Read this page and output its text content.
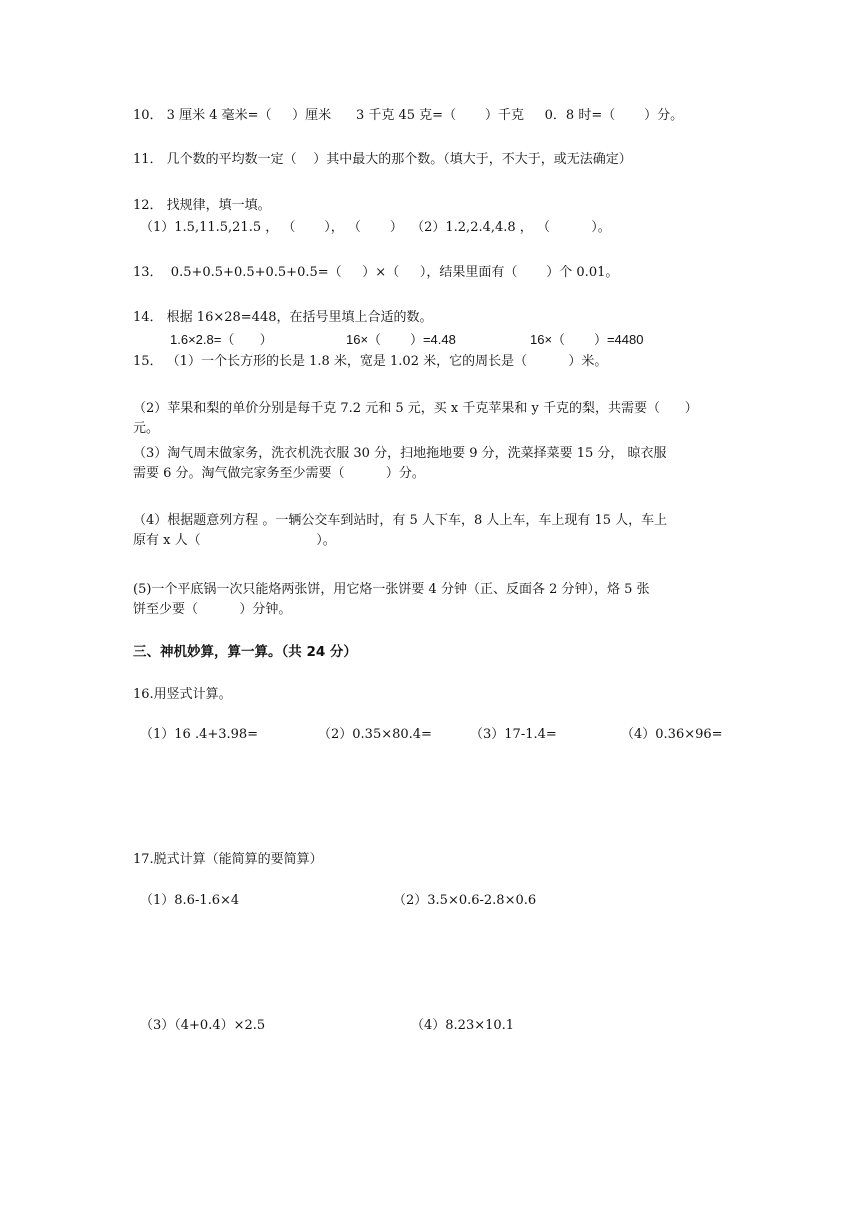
10． 3 厘米 4 毫米=（     ）厘米      3 千克 45 克=（       ）千克     0．8 时=（       ）分。
11． 几个数的平均数一定（    ）其中最大的那个数。（填大于，不大于，或无法确定）
12． 找规律，填一填。
（1）1.5,11.5,21.5 ， （       ）， （       ）  （2）1.2,2.4,4.8 ， （          ）。
13．  0.5+0.5+0.5+0.5+0.5=（     ）×（     ），结果里面有（       ）个 0.01。
14． 根据 16×28=448，在括号里填上合适的数。
1.6×2.8=（       ）	16×（        ）=4.48	16×（        ）=4480
15． （1）一个长方形的长是 1.8 米，宽是 1.02 米，它的周长是（          ）米。
（2）苹果和梨的单价分别是每千克 7.2 元和 5 元，买 x 千克苹果和 y 千克的梨，共需要（      ）
元。
（3）淘气周末做家务，洗衣机洗衣服 30 分，扫地拖地要 9 分，洗菜择菜要 15 分， 晾衣服
需要 6 分。淘气做完家务至少需要（          ）分。
（4）根据题意列方程 。一辆公交车到站时，有 5 人下车，8 人上车，车上现有 15 人，车上
原有 x 人（                            ）。
(5)一个平底锅一次只能烙两张饼，用它烙一张饼要 4 分钟（正、反面各 2 分钟），烙 5 张
饼至少要（          ）分钟。
三、神机妙算，算一算。（共 24 分）
16.用竖式计算。
（1）16 .4+3.98=	（2）0.35×80.4=	（3）17-1.4=	（4）0.36×96=
17.脱式计算（能简算的要简算）
（1）8.6-1.6×4	（2）3.5×0.6-2.8×0.6
（3）（4+0.4）×2.5	（4）8.23×10.1
